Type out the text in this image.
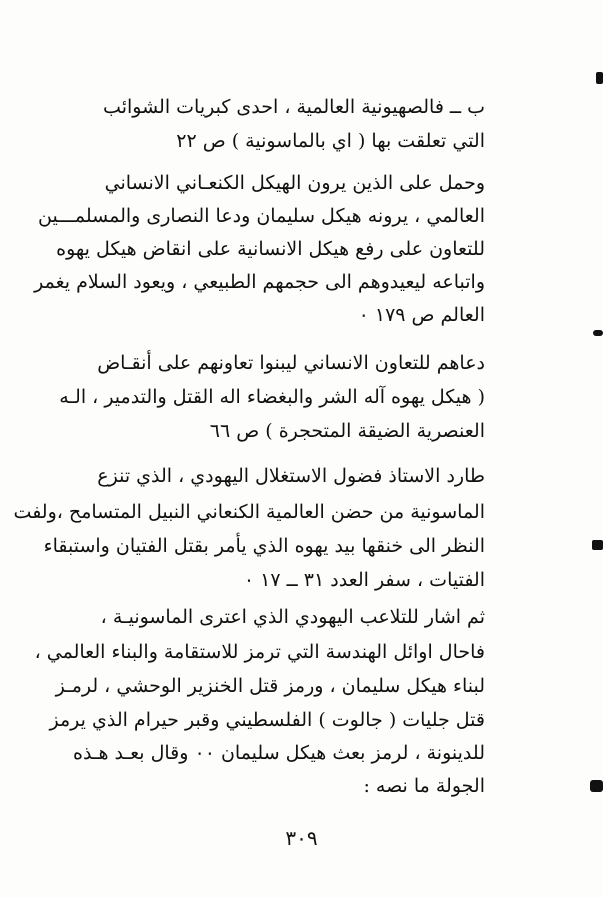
ب ــ فالصهيونية العالمية ، احدى كبريات الشوائب
التي تعلقت بها ( اي بالماسونية ) ص ٢٢
وحمل على الذين يرون الهيكل الكنعـاني الانساني
العالمي ، يرونه هيكل سليمان ودعا النصارى والمسلمـــين
للتعاون على رفع هيكل الانسانية على انقاض هيكل يهوه
واتباعه ليعيدوهم الى حجمهم الطبيعي ، ويعود السلام يغمر
العالم ص ١٧٩ ٠
دعاهم للتعاون الانساني ليبنوا تعاونهم على أنقـاض
( هيكل يهوه آله الشر والبغضاء اله القتل والتدمير ، الـه
العنصرية الضيقة المتحجرة ) ص ٦٦
طارد الاستاذ فضول الاستغلال اليهودي ، الذي تنزع
الماسونية من حضن العالمية الكنعاني النبيل المتسامح ،ولفت
النظر الى خنقها بيد يهوه الذي يأمر بقتل الفتيان واستبقاء
الفتيات ، سفر العدد ٣١ ــ ١٧ ٠
ثم اشار للتلاعب اليهودي الذي اعترى الماسونيـة ،
فاحال اوائل الهندسة التي ترمز للاستقامة والبناء العالمي ،
لبناء هيكل سليمان ، ورمز قتل الخنزير الوحشي ، لرمـز
قتل جليات ( جالوت ) الفلسطيني وقبر حيرام الذي يرمز
للدينونة ، لرمز بعث هيكل سليمان ٠٠ وقال بعـد هـذه
الجولة ما نصه :
٣٠٩
